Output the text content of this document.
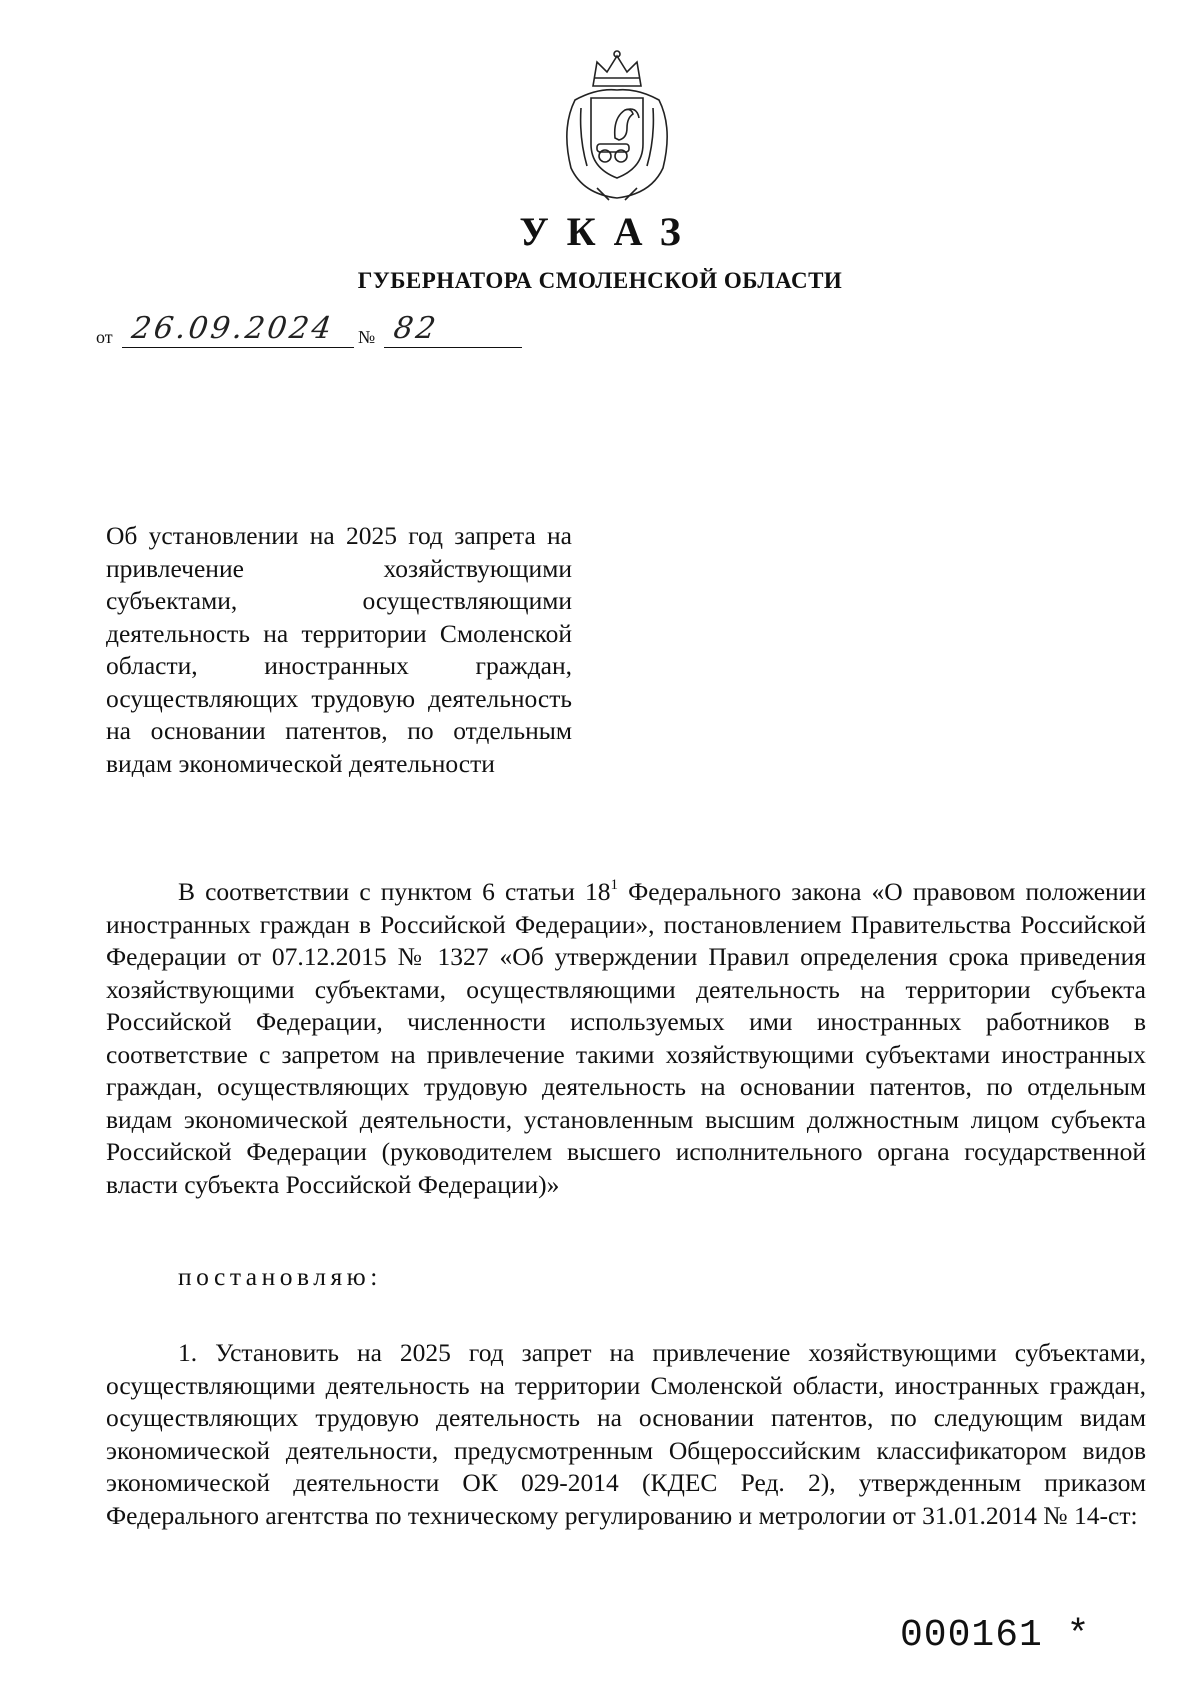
УКАЗ
ГУБЕРНАТОРА СМОЛЕНСКОЙ ОБЛАСТИ
от 26.09.2024 № 82
Об установлении на 2025 год запрета на привлечение хозяйствующими субъектами, осуществляющими деятельность на территории Смоленской области, иностранных граждан, осуществляющих трудовую деятельность на основании патентов, по отдельным видам экономической деятельности
В соответствии с пунктом 6 статьи $18^1$ Федерального закона «О правовом положении иностранных граждан в Российской Федерации», постановлением Правительства Российской Федерации от 07.12.2015 № 1327 «Об утверждении Правил определения срока приведения хозяйствующими субъектами, осуществляющими деятельность на территории субъекта Российской Федерации, численности используемых ими иностранных работников в соответствие с запретом на привлечение такими хозяйствующими субъектами иностранных граждан, осуществляющих трудовую деятельность на основании патентов, по отдельным видам экономической деятельности, установленным высшим должностным лицом субъекта Российской Федерации (руководителем высшего исполнительного органа государственной власти субъекта Российской Федерации)»
постановляю:
1. Установить на 2025 год запрет на привлечение хозяйствующими субъектами, осуществляющими деятельность на территории Смоленской области, иностранных граждан, осуществляющих трудовую деятельность на основании патентов, по следующим видам экономической деятельности, предусмотренным Общероссийским классификатором видов экономической деятельности ОК 029-2014 (КДЕС Ред. 2), утвержденным приказом Федерального агентства по техническому регулированию и метрологии от 31.01.2014 № 14-ст:
000161 *
